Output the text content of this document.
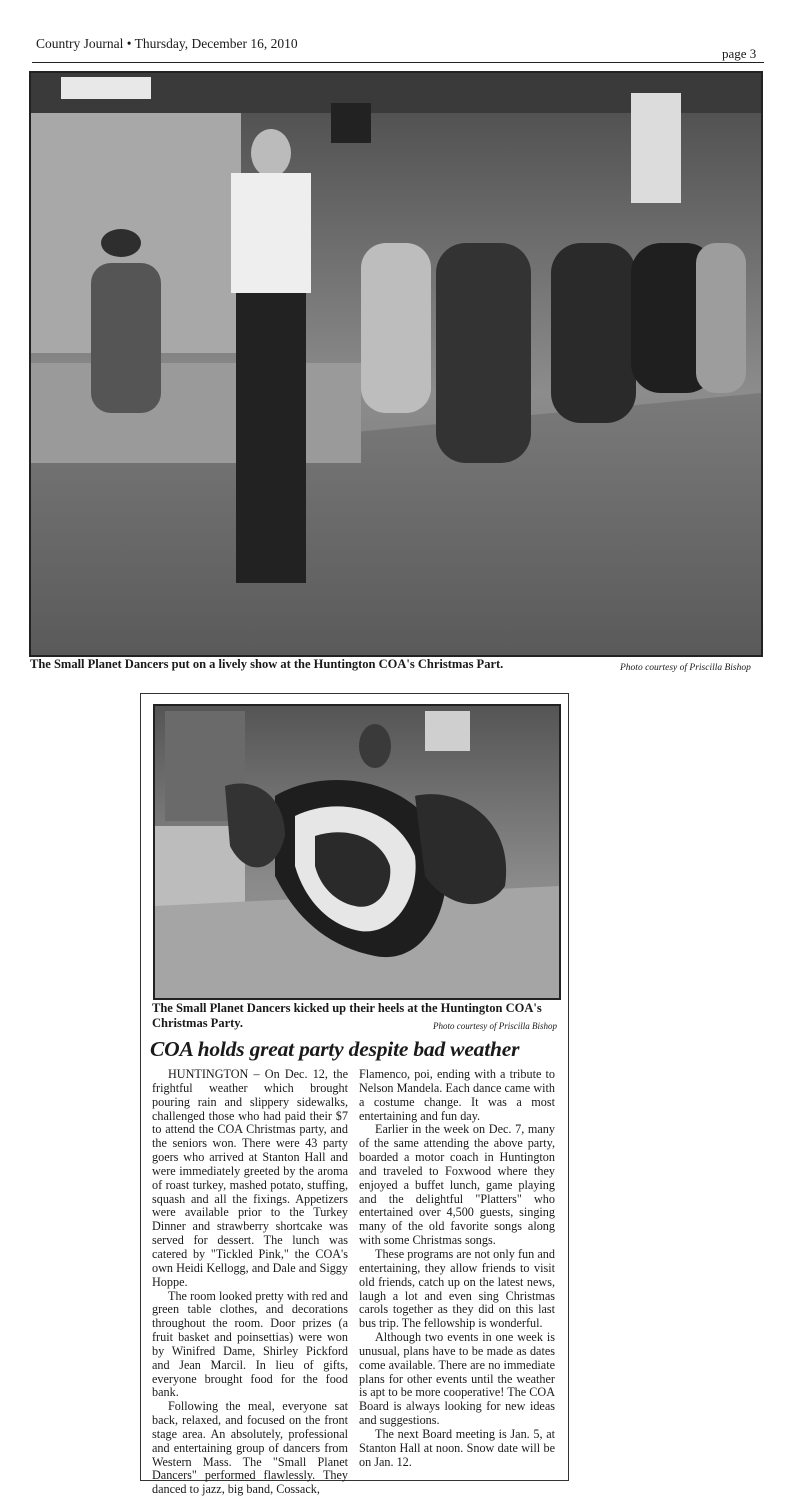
Country Journal • Thursday, December 16, 2010
page 3
The Small Planet Dancers put on a lively show at the Huntington COA's Christmas Part.	Photo courtesy of Priscilla Bishop
The Small Planet Dancers kicked up their heels at the Huntington COA's Christmas Party.	Photo courtesy of Priscilla Bishop
COA holds great party despite bad weather

HUNTINGTON – On Dec. 12, the frightful weather which brought pouring rain and slippery sidewalks, challenged those who had paid their $7 to attend the COA Christmas party, and the seniors won. There were 43 party goers who arrived at Stanton Hall and were immediately greeted by the aroma of roast turkey, mashed potato, stuffing, squash and all the fixings. Appetizers were available prior to the Turkey Dinner and strawberry shortcake was served for dessert. The lunch was catered by "Tickled Pink," the COA's own Heidi Kellogg, and Dale and Siggy Hoppe.

The room looked pretty with red and green table clothes, and decorations throughout the room. Door prizes (a fruit basket and poinsettias) were won by Winifred Dame, Shirley Pickford and Jean Marcil. In lieu of gifts, everyone brought food for the food bank.

Following the meal, everyone sat back, relaxed, and focused on the front stage area. An absolutely, professional and entertaining group of dancers from Western Mass. The "Small Planet Dancers" performed flawlessly. They danced to jazz, big band, Cossack,

Flamenco, poi, ending with a tribute to Nelson Mandela. Each dance came with a costume change. It was a most entertaining and fun day.

Earlier in the week on Dec. 7, many of the same attending the above party, boarded a motor coach in Huntington and traveled to Foxwood where they enjoyed a buffet lunch, game playing and the delightful "Platters" who entertained over 4,500 guests, singing many of the old favorite songs along with some Christmas songs.

These programs are not only fun and entertaining, they allow friends to visit old friends, catch up on the latest news, laugh a lot and even sing Christmas carols together as they did on this last bus trip. The fellowship is wonderful.

Although two events in one week is unusual, plans have to be made as dates come available. There are no immediate plans for other events until the weather is apt to be more cooperative! The COA Board is always looking for new ideas and suggestions.

The next Board meeting is Jan. 5, at Stanton Hall at noon. Snow date will be on Jan. 12.
